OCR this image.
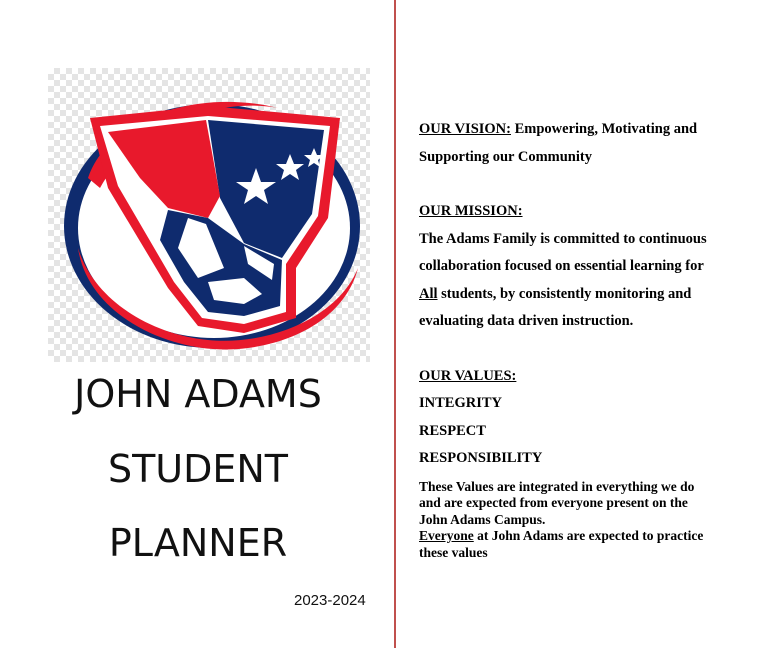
JOHN ADAMS
STUDENT
PLANNER
2023-2024

OUR VISION: Empowering, Motivating and

Supporting our Community

OUR MISSION:

The Adams Family is committed to continuous

collaboration focused on essential learning for

All students, by consistently monitoring and

evaluating data driven instruction.

OUR VALUES:

INTEGRITY

RESPECT

RESPONSIBILITY

These Values are integrated in everything we do

and are expected from everyone present on the

John Adams Campus.

Everyone at John Adams are expected to practice

these values
